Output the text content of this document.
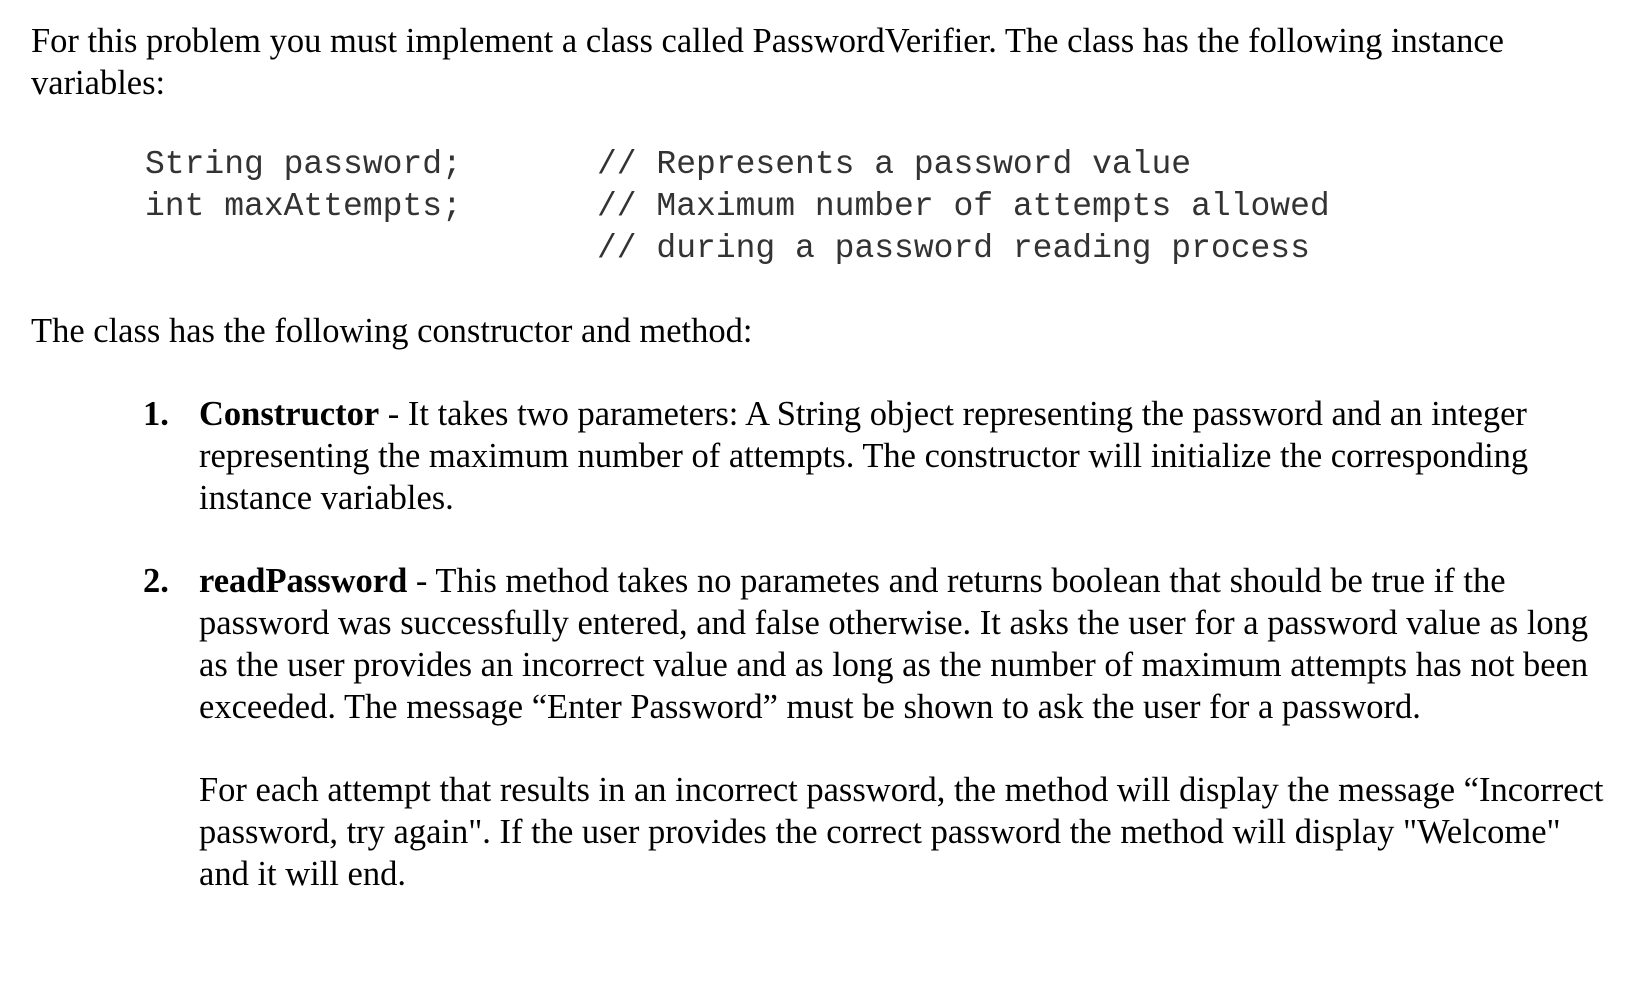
For this problem you must implement a class called PasswordVerifier. The class has the following instance variables:

String password;	// Represents a password value
int maxAttempts;	// Maximum number of attempts allowed
// during a password reading process

The class has the following constructor and method:

1. Constructor - It takes two parameters: A String object representing the password and an integer representing the maximum number of attempts. The constructor will initialize the corresponding instance variables.

2. readPassword - This method takes no parametes and returns boolean that should be true if the password was successfully entered, and false otherwise. It asks the user for a password value as long as the user provides an incorrect value and as long as the number of maximum attempts has not been exceeded. The message “Enter Password” must be shown to ask the user for a password.

For each attempt that results in an incorrect password, the method will display the message “Incorrect password, try again". If the user provides the correct password the method will display "Welcome" and it will end.
